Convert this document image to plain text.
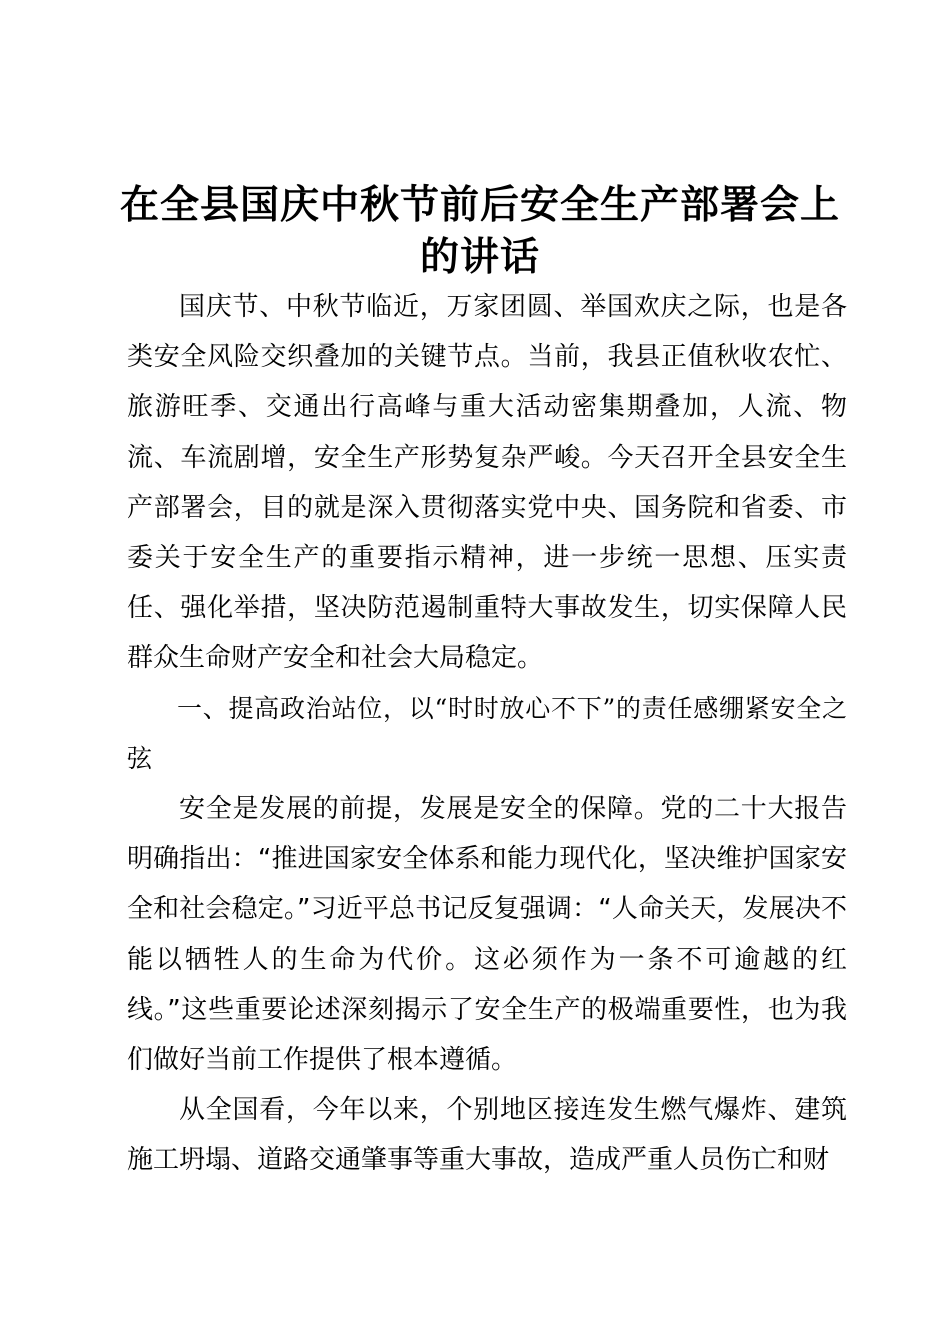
在全县国庆中秋节前后安全生产部署会上的讲话

国庆节、中秋节临近，万家团圆、举国欢庆之际，也是各类安全风险交织叠加的关键节点。当前，我县正值秋收农忙、旅游旺季、交通出行高峰与重大活动密集期叠加，人流、物流、车流剧增，安全生产形势复杂严峻。今天召开全县安全生产部署会，目的就是深入贯彻落实党中央、国务院和省委、市委关于安全生产的重要指示精神，进一步统一思想、压实责任、强化举措，坚决防范遏制重特大事故发生，切实保障人民群众生命财产安全和社会大局稳定。

一、提高政治站位，以“时时放心不下”的责任感绷紧安全之弦

安全是发展的前提，发展是安全的保障。党的二十大报告明确指出：“推进国家安全体系和能力现代化，坚决维护国家安全和社会稳定。”习近平总书记反复强调：“人命关天，发展决不能以牺牲人的生命为代价。这必须作为一条不可逾越的红线。”这些重要论述深刻揭示了安全生产的极端重要性，也为我们做好当前工作提供了根本遵循。

从全国看，今年以来，个别地区接连发生燃气爆炸、建筑施工坍塌、道路交通肇事等重大事故，造成严重人员伤亡和财
